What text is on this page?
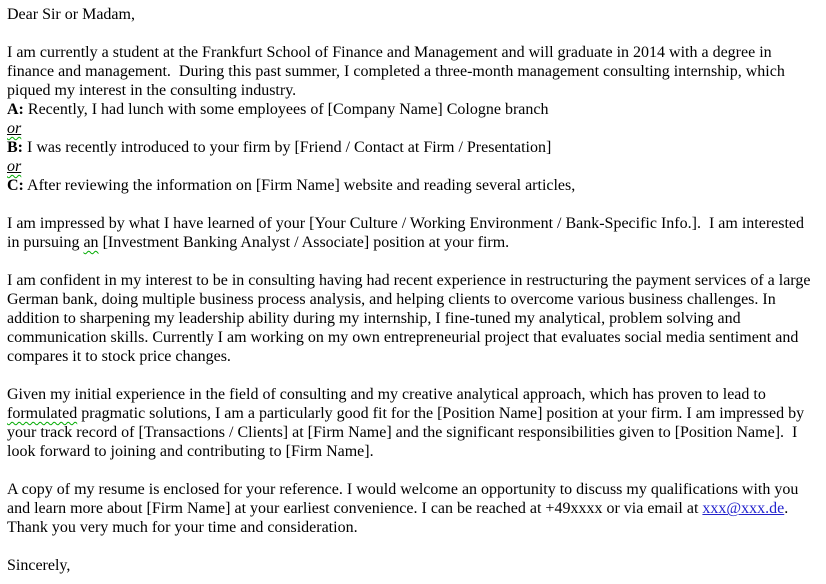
Dear Sir or Madam,

I am currently a student at the Frankfurt School of Finance and Management and will graduate in 2014 with a degree in finance and management.  During this past summer, I completed a three-month management consulting internship, which piqued my interest in the consulting industry.

A: Recently, I had lunch with some employees of [Company Name] Cologne branch

or

B: I was recently introduced to your firm by [Friend / Contact at Firm / Presentation]

or

C: After reviewing the information on [Firm Name] website and reading several articles,

I am impressed by what I have learned of your [Your Culture / Working Environment / Bank-Specific Info.].  I am interested in pursuing an [Investment Banking Analyst / Associate] position at your firm.

I am confident in my interest to be in consulting having had recent experience in restructuring the payment services of a large German bank, doing multiple business process analysis, and helping clients to overcome various business challenges. In addition to sharpening my leadership ability during my internship, I fine-tuned my analytical, problem solving and communication skills. Currently I am working on my own entrepreneurial project that evaluates social media sentiment and compares it to stock price changes.

Given my initial experience in the field of consulting and my creative analytical approach, which has proven to lead to formulated pragmatic solutions, I am a particularly good fit for the [Position Name] position at your firm. I am impressed by your track record of [Transactions / Clients] at [Firm Name] and the significant responsibilities given to [Position Name].  I look forward to joining and contributing to [Firm Name].

A copy of my resume is enclosed for your reference. I would welcome an opportunity to discuss my qualifications with you and learn more about [Firm Name] at your earliest convenience. I can be reached at +49xxxx or via email at xxx@xxx.de. Thank you very much for your time and consideration.

Sincerely,
